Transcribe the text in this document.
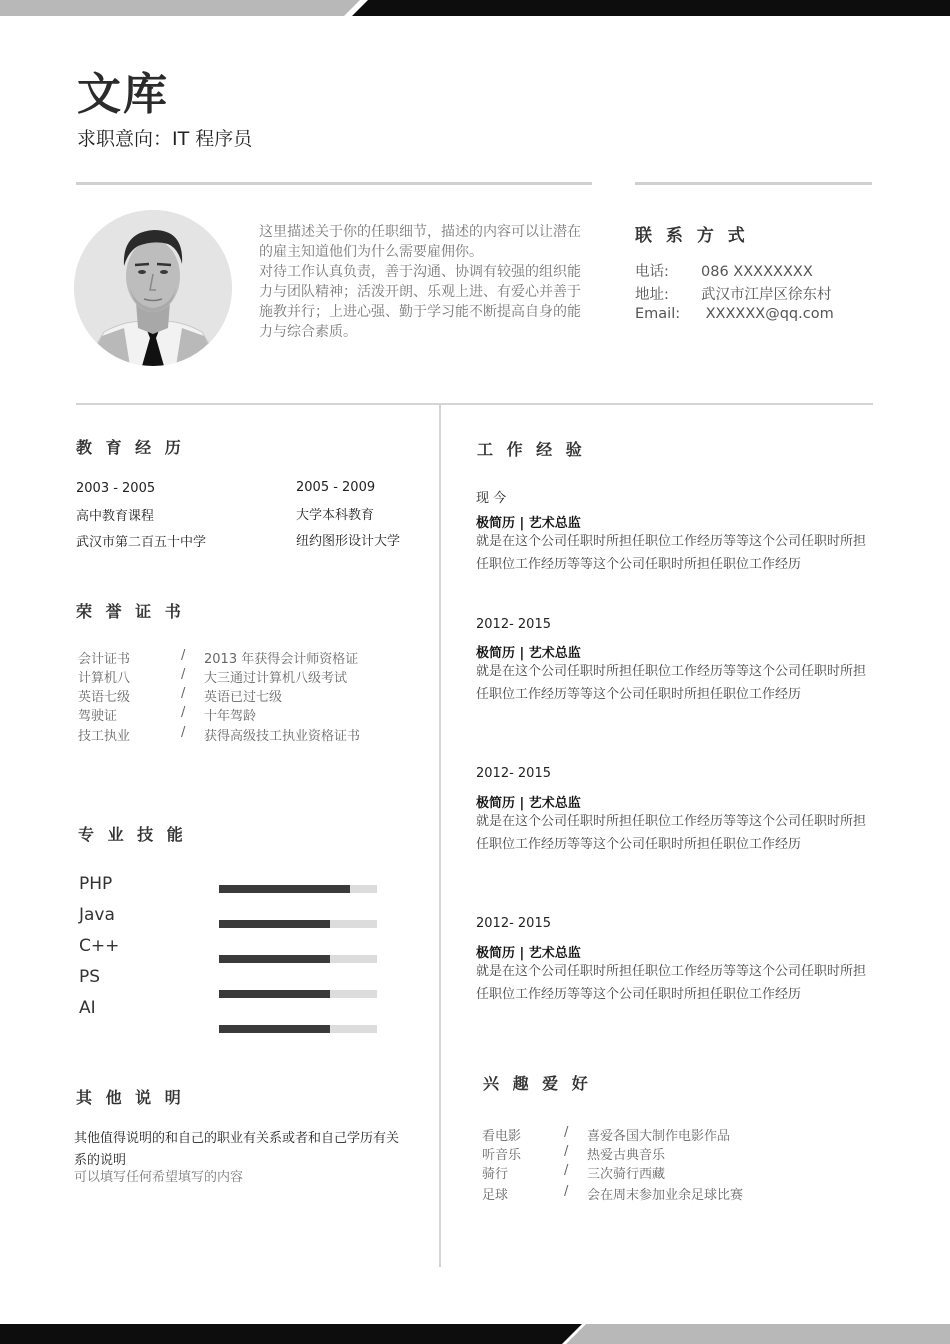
文库
求职意向：IT 程序员
这里描述关于你的任职细节，描述的内容可以让潜在
的雇主知道他们为什么需要雇佣你。
对待工作认真负责，善于沟通、协调有较强的组织能
力与团队精神；活泼开朗、乐观上进、有爱心并善于
施教并行；上进心强、勤于学习能不断提高自身的能
力与综合素质。
联 系 方 式
电话: 086 XXXXXXXX
地址: 武汉市江岸区徐东村
Email: XXXXXX@qq.com
教 育 经 历
2003 - 2005
高中教育课程
武汉市第二百五十中学
2005 - 2009
大学本科教育
纽约图形设计大学
荣 誉 证 书
会计证书	/ 2013 年获得会计师资格证
计算机八	/ 大三通过计算机八级考试
英语七级	/ 英语已过七级
驾驶证	/ 十年驾龄
技工执业	/ 获得高级技工执业资格证书
专 业 技 能
PHP
Java
C++
PS
AI
其 他 说 明
其他值得说明的和自己的职业有关系或者和自己学历有关
系的说明
可以填写任何希望填写的内容
工 作 经 验
现 今
极简历 | 艺术总监
就是在这个公司任职时所担任职位工作经历等等这个公司任职时所担任职位工作经历等等这个公司任职时所担任职位工作经历
2012- 2015
极简历 | 艺术总监
就是在这个公司任职时所担任职位工作经历等等这个公司任职时所担任职位工作经历等等这个公司任职时所担任职位工作经历
2012- 2015
极简历 | 艺术总监
就是在这个公司任职时所担任职位工作经历等等这个公司任职时所担任职位工作经历等等这个公司任职时所担任职位工作经历
2012- 2015
极简历 | 艺术总监
就是在这个公司任职时所担任职位工作经历等等这个公司任职时所担任职位工作经历等等这个公司任职时所担任职位工作经历
兴 趣 爱 好
看电影	/ 喜爱各国大制作电影作品
听音乐	/ 热爱古典音乐
骑行	/ 三次骑行西藏
足球	/ 会在周末参加业余足球比赛
